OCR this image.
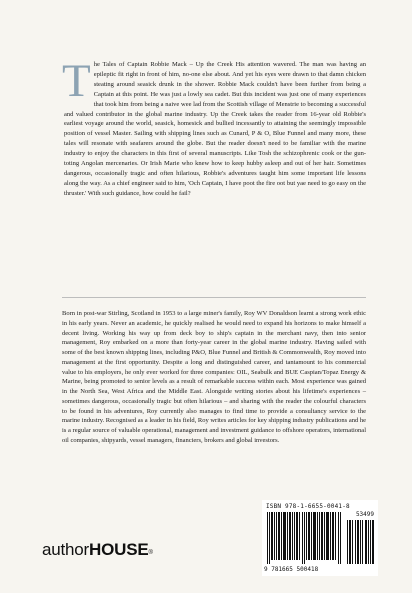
The Tales of Captain Robbie Mack – Up the Creek His attention wavered. The man was having an epileptic fit right in front of him, no-one else about. And yet his eyes were drawn to that damn chicken steating around seasick drunk in the shower. Robbie Mack couldn't have been further from being a Captain at this point. He was just a lowly sea cadet. But this incident was just one of many experiences that took him from being a naive wee lad from the Scottish village of Menstrie to becoming a successful and valued contributor in the global marine industry. Up the Creek takes the reader from 16-year old Robbie's earliest voyage around the world, seasick, homesick and bullied incessantly to attaining the seemingly impossible position of vessel Master. Sailing with shipping lines such as Cunard, P & O, Blue Funnel and many more, these tales will resonate with seafarers around the globe. But the reader doesn't need to be familiar with the marine industry to enjoy the characters in this first of several manuscripts. Like Tosh the schizophrenic cook or the gun-toting Angolan mercenaries. Or Irish Marie who knew how to keep hubby asleep and out of her hair. Sometimes dangerous, occasionally tragic and often hilarious, Robbie's adventures taught him some important life lessons along the way. As a chief engineer said to him, 'Och Captain, I have poot the fire oot but yae need to go easy on the thruster.' With such guidance, how could he fail?
Born in post-war Stirling, Scotland in 1953 to a large miner's family, Roy WV Donaldson learnt a strong work ethic in his early years. Never an academic, he quickly realised he would need to expand his horizons to make himself a decent living. Working his way up from deck boy to ship's captain in the merchant navy, then into senior management, Roy embarked on a more than forty-year career in the global marine industry. Having sailed with some of the best known shipping lines, including P&O, Blue Funnel and British & Commonwealth, Roy moved into management at the first opportunity. Despite a long and distinguished career, and tantamount to his commercial value to his employers, he only ever worked for three companies: OIL, Seabulk and BUE Caspian/Topaz Energy & Marine, being promoted to senior levels as a result of remarkable success within each. Most experience was gained in the North Sea, West Africa and the Middle East. Alongside writing stories about his lifetime's experiences – sometimes dangerous, occasionally tragic but often hilarious – and sharing with the reader the colourful characters to be found in his adventures, Roy currently also manages to find time to provide a consultancy service to the marine industry. Recognised as a leader in his field, Roy writes articles for key shipping industry publications and he is a regular source of valuable operational, management and investment guidance to offshore operators, international oil companies, shipyards, vessel managers, financiers, brokers and global investors.
ISBN 978-1-6655-0041-8
53499
9 781665 500418
authorHOUSE®
